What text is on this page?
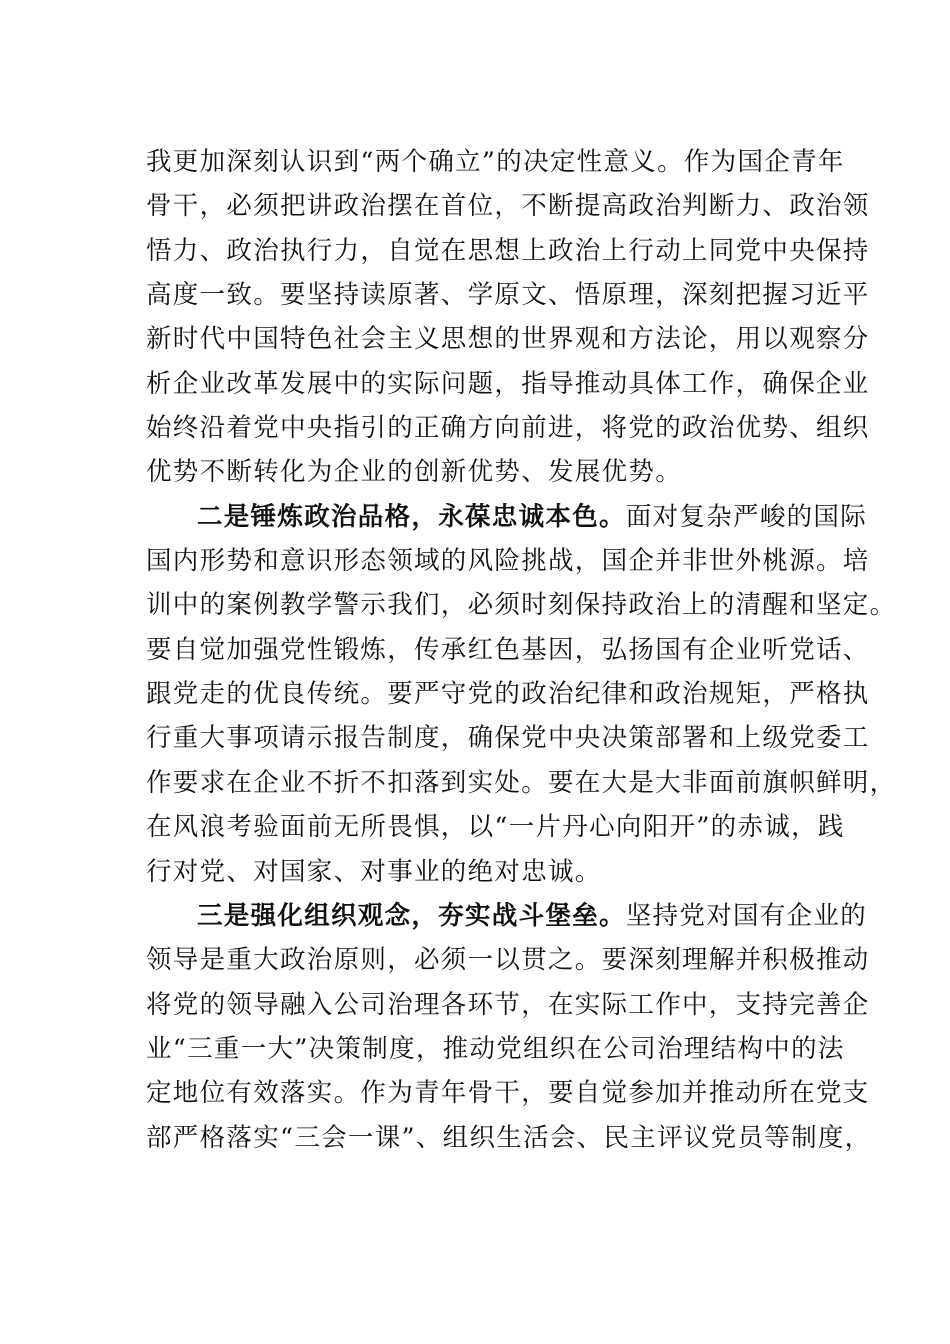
我更加深刻认识到“两个确立”的决定性意义。作为国企青年
骨干，必须把讲政治摆在首位，不断提高政治判断力、政治领
悟力、政治执行力，自觉在思想上政治上行动上同党中央保持
高度一致。要坚持读原著、学原文、悟原理，深刻把握习近平
新时代中国特色社会主义思想的世界观和方法论，用以观察分
析企业改革发展中的实际问题，指导推动具体工作，确保企业
始终沿着党中央指引的正确方向前进，将党的政治优势、组织
优势不断转化为企业的创新优势、发展优势。
二是锤炼政治品格，永葆忠诚本色。面对复杂严峻的国际
国内形势和意识形态领域的风险挑战，国企并非世外桃源。培
训中的案例教学警示我们，必须时刻保持政治上的清醒和坚定。
要自觉加强党性锻炼，传承红色基因，弘扬国有企业听党话、
跟党走的优良传统。要严守党的政治纪律和政治规矩，严格执
行重大事项请示报告制度，确保党中央决策部署和上级党委工
作要求在企业不折不扣落到实处。要在大是大非面前旗帜鲜明，
在风浪考验面前无所畏惧，以“一片丹心向阳开”的赤诚，践
行对党、对国家、对事业的绝对忠诚。
三是强化组织观念，夯实战斗堡垒。坚持党对国有企业的
领导是重大政治原则，必须一以贯之。要深刻理解并积极推动
将党的领导融入公司治理各环节，在实际工作中，支持完善企
业“三重一大”决策制度，推动党组织在公司治理结构中的法
定地位有效落实。作为青年骨干，要自觉参加并推动所在党支
部严格落实“三会一课”、组织生活会、民主评议党员等制度，
